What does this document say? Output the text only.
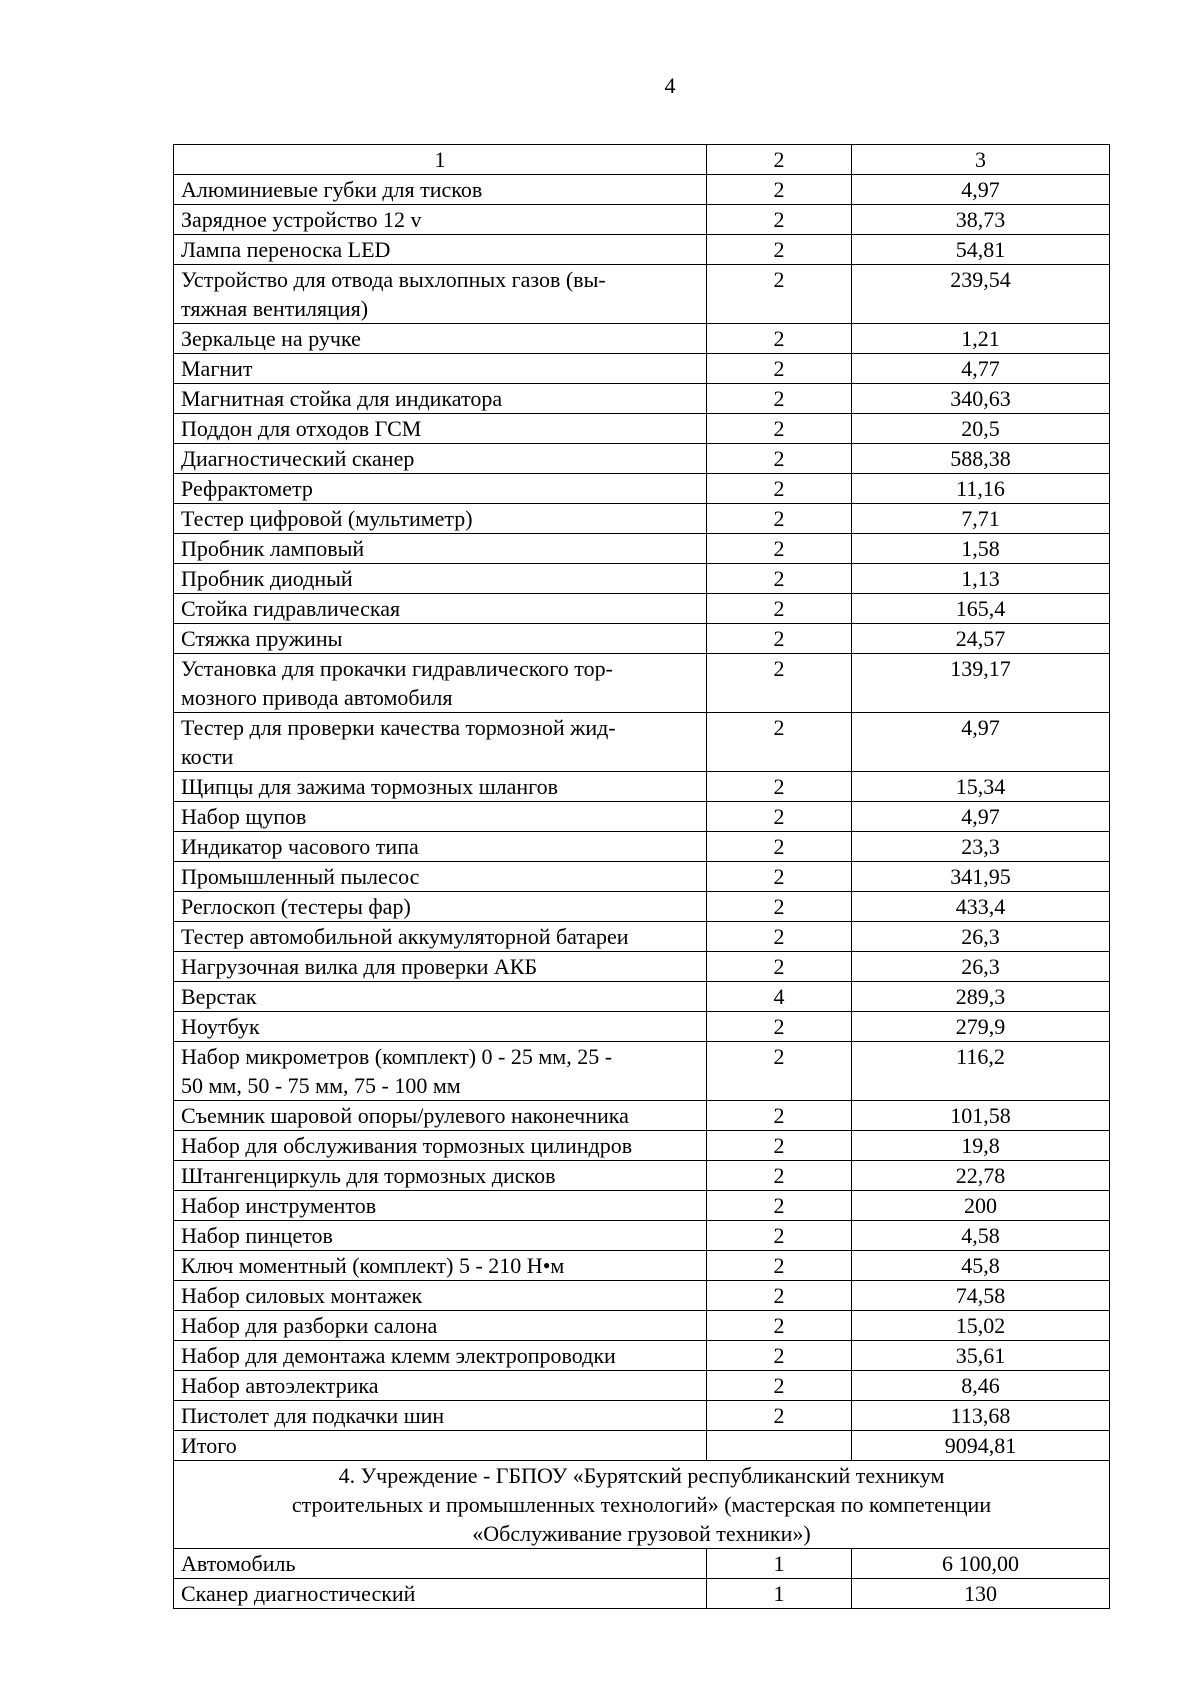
4
1	2	3
Алюминиевые губки для тисков	2	4,97
Зарядное устройство 12 v	2	38,73
Лампа переноска LED	2	54,81
Устройство для отвода выхлопных газов (вы-
тяжная вентиляция)	2	239,54
Зеркальце на ручке	2	1,21
Магнит	2	4,77
Магнитная стойка для индикатора	2	340,63
Поддон для отходов ГСМ	2	20,5
Диагностический сканер	2	588,38
Рефрактометр	2	11,16
Тестер цифровой (мультиметр)	2	7,71
Пробник ламповый	2	1,58
Пробник диодный	2	1,13
Стойка гидравлическая	2	165,4
Стяжка пружины	2	24,57
Установка для прокачки гидравлического тор-
мозного привода автомобиля	2	139,17
Тестер для проверки качества тормозной жид-
кости	2	4,97
Щипцы для зажима тормозных шлангов	2	15,34
Набор щупов	2	4,97
Индикатор часового типа	2	23,3
Промышленный пылесос	2	341,95
Реглоскоп (тестеры фар)	2	433,4
Тестер автомобильной аккумуляторной батареи	2	26,3
Нагрузочная вилка для проверки АКБ	2	26,3
Верстак	4	289,3
Ноутбук	2	279,9
Набор микрометров (комплект) 0 - 25 мм, 25 -
50 мм, 50 - 75 мм, 75 - 100 мм	2	116,2
Съемник шаровой опоры/рулевого наконечника	2	101,58
Набор для обслуживания тормозных цилиндров	2	19,8
Штангенциркуль для тормозных дисков	2	22,78
Набор инструментов	2	200
Набор пинцетов	2	4,58
Ключ моментный (комплект) 5 - 210 Н•м	2	45,8
Набор силовых монтажек	2	74,58
Набор для разборки салона	2	15,02
Набор для демонтажа клемм электропроводки	2	35,61
Набор автоэлектрика	2	8,46
Пистолет для подкачки шин	2	113,68
Итого		9094,81
4. Учреждение - ГБПОУ «Бурятский республиканский техникум
строительных и промышленных технологий» (мастерская по компетенции
«Обслуживание грузовой техники»)		
Автомобиль	1	6 100,00
Сканер диагностический	1	130
